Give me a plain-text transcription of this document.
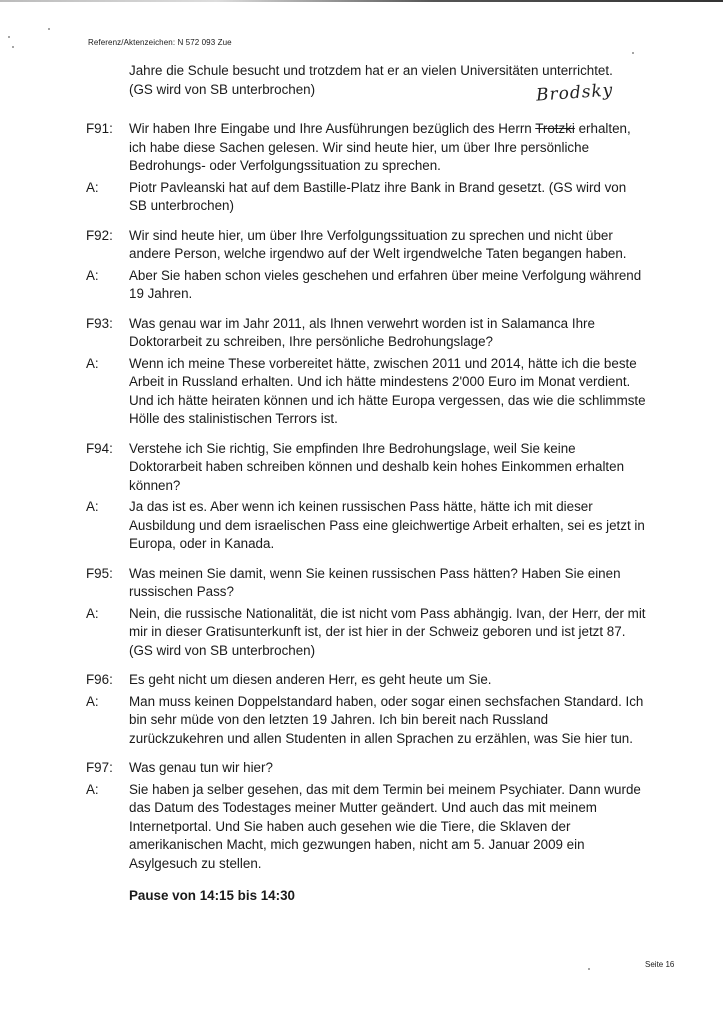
Referenz/Aktenzeichen: N 572 093 Zue
Brodsky
Jahre die Schule besucht und trotzdem hat er an vielen Universitäten unterrichtet.
(GS wird von SB unterbrochen)
F91:	Wir haben Ihre Eingabe und Ihre Ausführungen bezüglich des Herrn Trotzki erhalten, ich habe diese Sachen gelesen. Wir sind heute hier, um über Ihre persönliche Bedrohungs- oder Verfolgungssituation zu sprechen.
A:	Piotr Pavleanski hat auf dem Bastille-Platz ihre Bank in Brand gesetzt. (GS wird von SB unterbrochen)
F92:	Wir sind heute hier, um über Ihre Verfolgungssituation zu sprechen und nicht über andere Person, welche irgendwo auf der Welt irgendwelche Taten begangen haben.
A:	Aber Sie haben schon vieles geschehen und erfahren über meine Verfolgung während 19 Jahren.
F93:	Was genau war im Jahr 2011, als Ihnen verwehrt worden ist in Salamanca Ihre Doktorarbeit zu schreiben, Ihre persönliche Bedrohungslage?
A:	Wenn ich meine These vorbereitet hätte, zwischen 2011 und 2014, hätte ich die beste Arbeit in Russland erhalten. Und ich hätte mindestens 2'000 Euro im Monat verdient. Und ich hätte heiraten können und ich hätte Europa vergessen, das wie die schlimmste Hölle des stalinistischen Terrors ist.
F94:	Verstehe ich Sie richtig, Sie empfinden Ihre Bedrohungslage, weil Sie keine Doktorarbeit haben schreiben können und deshalb kein hohes Einkommen erhalten können?
A:	Ja das ist es. Aber wenn ich keinen russischen Pass hätte, hätte ich mit dieser Ausbildung und dem israelischen Pass eine gleichwertige Arbeit erhalten, sei es jetzt in Europa, oder in Kanada.
F95:	Was meinen Sie damit, wenn Sie keinen russischen Pass hätten? Haben Sie einen russischen Pass?
A:	Nein, die russische Nationalität, die ist nicht vom Pass abhängig. Ivan, der Herr, der mit mir in dieser Gratisunterkunft ist, der ist hier in der Schweiz geboren und ist jetzt 87. (GS wird von SB unterbrochen)
F96:	Es geht nicht um diesen anderen Herr, es geht heute um Sie.
A:	Man muss keinen Doppelstandard haben, oder sogar einen sechsfachen Standard. Ich bin sehr müde von den letzten 19 Jahren. Ich bin bereit nach Russland zurückzukehren und allen Studenten in allen Sprachen zu erzählen, was Sie hier tun.
F97:	Was genau tun wir hier?
A:	Sie haben ja selber gesehen, das mit dem Termin bei meinem Psychiater. Dann wurde das Datum des Todestages meiner Mutter geändert. Und auch das mit meinem Internetportal. Und Sie haben auch gesehen wie die Tiere, die Sklaven der amerikanischen Macht, mich gezwungen haben, nicht am 5. Januar 2009 ein Asylgesuch zu stellen.
Pause von 14:15 bis 14:30
Seite 16
